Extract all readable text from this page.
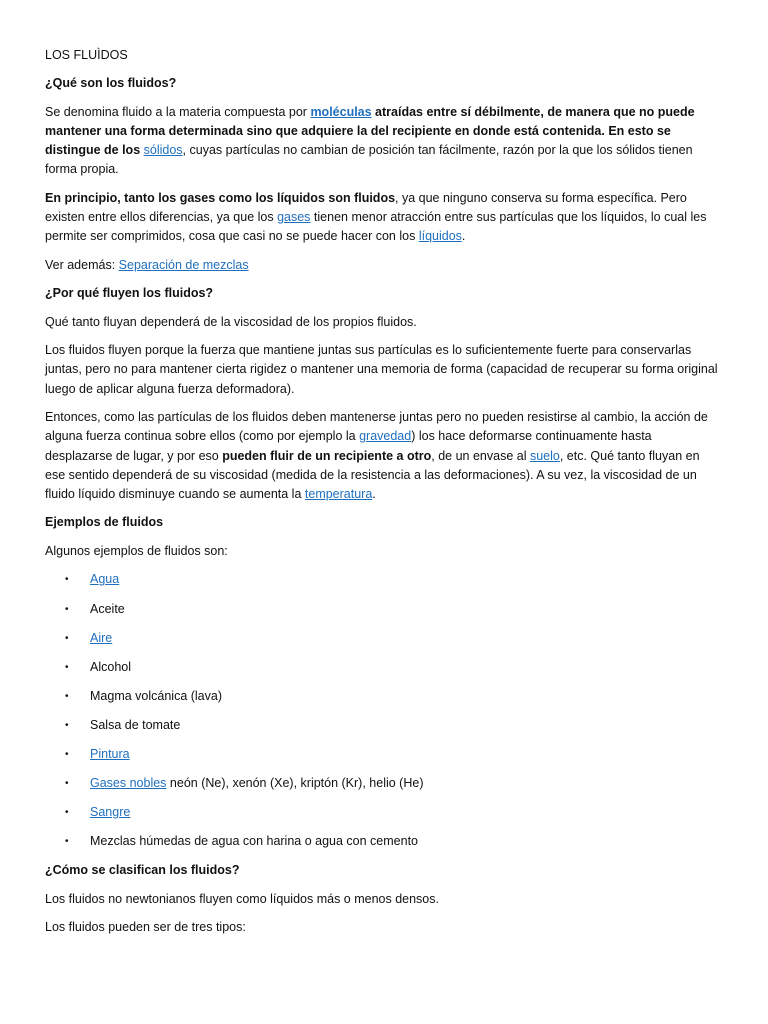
LOS FLUÌDOS

¿Qué son los fluidos?

Se denomina fluido a la materia compuesta por moléculas atraídas entre sí débilmente, de manera que no puede mantener una forma determinada sino que adquiere la del recipiente en donde está contenida. En esto se distingue de los sólidos, cuyas partículas no cambian de posición tan fácilmente, razón por la que los sólidos tienen forma propia.

En principio, tanto los gases como los líquidos son fluidos, ya que ninguno conserva su forma específica. Pero existen entre ellos diferencias, ya que los gases tienen menor atracción entre sus partículas que los líquidos, lo cual les permite ser comprimidos, cosa que casi no se puede hacer con los líquidos.

Ver además: Separación de mezclas

¿Por qué fluyen los fluidos?

Qué tanto fluyan dependerá de la viscosidad de los propios fluidos.

Los fluidos fluyen porque la fuerza que mantiene juntas sus partículas es lo suficientemente fuerte para conservarlas juntas, pero no para mantener cierta rigidez o mantener una memoria de forma (capacidad de recuperar su forma original luego de aplicar alguna fuerza deformadora).

Entonces, como las partículas de los fluidos deben mantenerse juntas pero no pueden resistirse al cambio, la acción de alguna fuerza continua sobre ellos (como por ejemplo la gravedad) los hace deformarse continuamente hasta desplazarse de lugar, y por eso pueden fluir de un recipiente a otro, de un envase al suelo, etc. Qué tanto fluyan en ese sentido dependerá de su viscosidad (medida de la resistencia a las deformaciones). A su vez, la viscosidad de un fluido líquido disminuye cuando se aumenta la temperatura.

Ejemplos de fluidos

Algunos ejemplos de fluidos son:

• Agua
• Aceite
• Aire
• Alcohol
• Magma volcánica (lava)
• Salsa de tomate
• Pintura
• Gases nobles neón (Ne), xenón (Xe), kriptón (Kr), helio (He)
• Sangre
• Mezclas húmedas de agua con harina o agua con cemento

¿Cómo se clasifican los fluidos?

Los fluidos no newtonianos fluyen como líquidos más o menos densos.

Los fluidos pueden ser de tres tipos:
